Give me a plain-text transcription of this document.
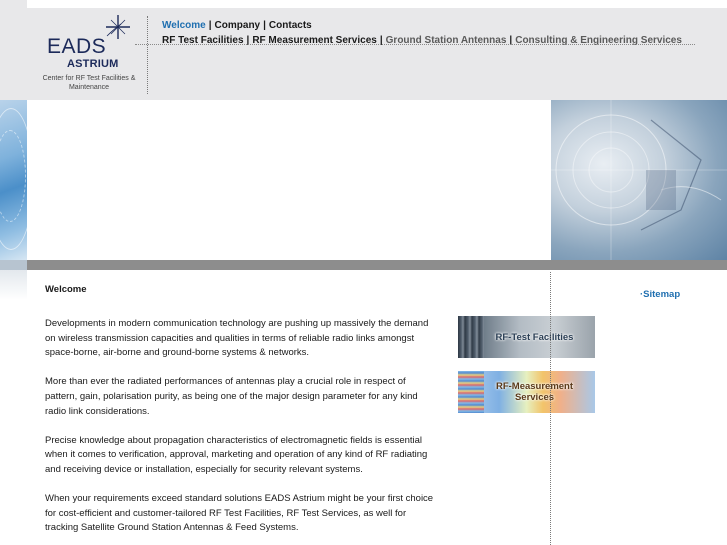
EADS
ASTRIUM
Center for RF Test Facilities & Maintenance
Welcome | Company | Contacts
RF Test Facilities | RF Measurement Services | Ground Station Antennas | Consulting & Engineering Services
Welcome

Developments in modern communication technology are pushing up massively the demand on wireless transmission capacities and qualities in terms of reliable radio links amongst space-borne, air-borne and ground-borne systems & networks.

More than ever the radiated performances of antennas play a crucial role in respect of pattern, gain, polarisation purity, as being one of the major design parameter for any kind radio link considerations.

Precise knowledge about propagation characteristics of electromagnetic fields is essential when it comes to verification, approval, marketing and operation of any kind of RF radiating and receiving device or installation, especially for security relevant systems.

When your requirements exceed standard solutions EADS Astrium might be your first choice for cost-efficient and customer-tailored RF Test Facilities, RF Test Services, as well for tracking Satellite Ground Station Antennas & Feed Systems.

RF-Test Facilities
RF-Measurement Services
·Sitemap
